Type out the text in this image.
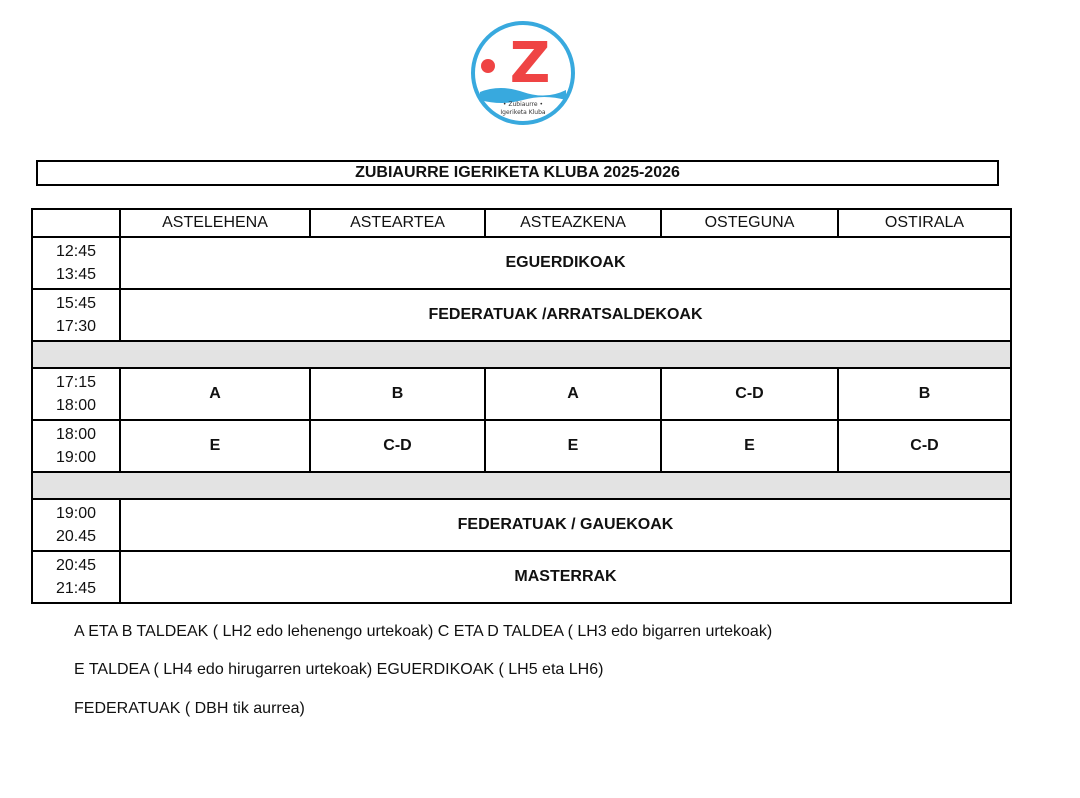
Z
• Zubiaurre •
Igeriketa Kluba
ZUBIAURRE IGERIKETA KLUBA 2025-2026
	ASTELEHENA	ASTEARTEA	ASTEAZKENA	OSTEGUNA	OSTIRALA

12:45
13:45	EGUERDIKOAK				

15:45
17:30	FEDERATUAK /ARRATSALDEKOAK				

17:15
18:00	A	B	A	C-D	B

18:00
19:00	E	C-D	E	E	C-D

19:00
20.45	FEDERATUAK / GAUEKOAK				

20:45
21:45	MASTERRAK				
A ETA B TALDEAK ( LH2 edo lehenengo urtekoak) C ETA D TALDEA ( LH3 edo bigarren urtekoak)
E TALDEA ( LH4 edo hirugarren urtekoak) EGUERDIKOAK ( LH5 eta LH6)
FEDERATUAK ( DBH tik aurrea)
